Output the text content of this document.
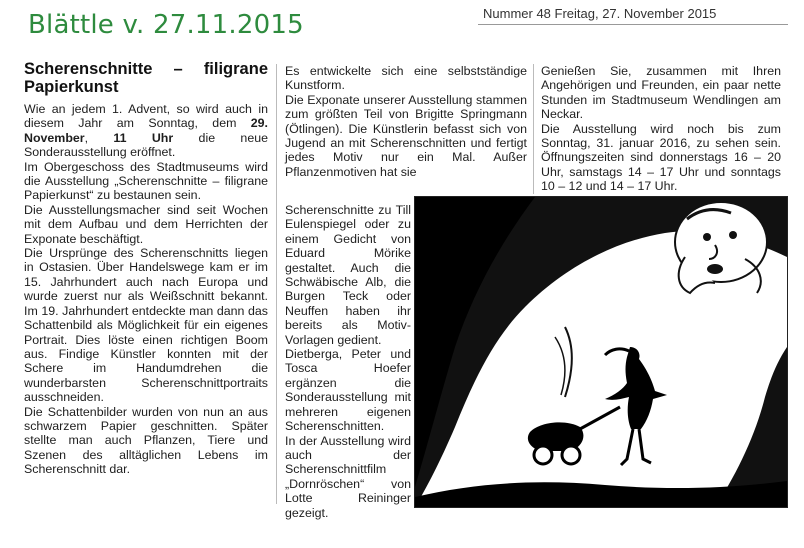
Blättle v. 27.11.2015	Nummer 48 Freitag, 27. November 2015
Scherenschnitte – filigrane Papierkunst

Wie an jedem 1. Advent, so wird auch in diesem Jahr am Sonntag, dem 29. November, 11 Uhr die neue Sonderausstellung eröffnet.

Im Obergeschoss des Stadtmuseums wird die Ausstellung „Scherenschnitte – filigrane Papierkunst“ zu bestaunen sein.

Die Ausstellungsmacher sind seit Wochen mit dem Aufbau und dem Herrichten der Exponate beschäftigt.

Die Ursprünge des Scherenschnitts liegen in Ostasien. Über Handelswege kam er im 15. Jahrhundert auch nach Europa und wurde zuerst nur als Weißschnitt bekannt. Im 19. Jahrhundert entdeckte man dann das Schattenbild als Möglichkeit für ein eigenes Portrait. Dies löste einen richtigen Boom aus. Findige Künstler konnten mit der Schere im Handumdrehen die wunderbarsten Scherenschnittportraits ausschneiden.

Die Schattenbilder wurden von nun an aus schwarzem Papier geschnitten. Später stellte man auch Pflanzen, Tiere und Szenen des alltäglichen Lebens im Scherenschnitt dar.

Es entwickelte sich eine selbstständige Kunstform.

Die Exponate unserer Ausstellung stammen zum größten Teil von Brigitte Springmann (Ötlingen). Die Künstlerin befasst sich von Jugend an mit Scherenschnitten und fertigt jedes Motiv nur ein Mal. Außer Pflanzenmotiven hat sie

Scherenschnitte zu Till Eulenspiegel oder zu einem Gedicht von Eduard Mörike gestaltet. Auch die Schwäbische Alb, die Burgen Teck oder Neuffen haben ihr bereits als Motiv-Vorlagen gedient.

Dietberga, Peter und Tosca Hoefer ergänzen die Sonderausstellung mit mehreren eigenen Scherenschnitten.

In der Ausstellung wird auch der Scherenschnittfilm „Dornröschen“ von Lotte Reininger gezeigt.

Genießen Sie, zusammen mit Ihren Angehörigen und Freunden, ein paar nette Stunden im Stadtmuseum Wendlingen am Neckar.

Die Ausstellung wird noch bis zum Sonntag, 31. januar 2016, zu sehen sein. Öffnungszeiten sind donnerstags 16 – 20 Uhr, samstags 14 – 17 Uhr und sonntags 10 – 12 und 14 – 17 Uhr.
